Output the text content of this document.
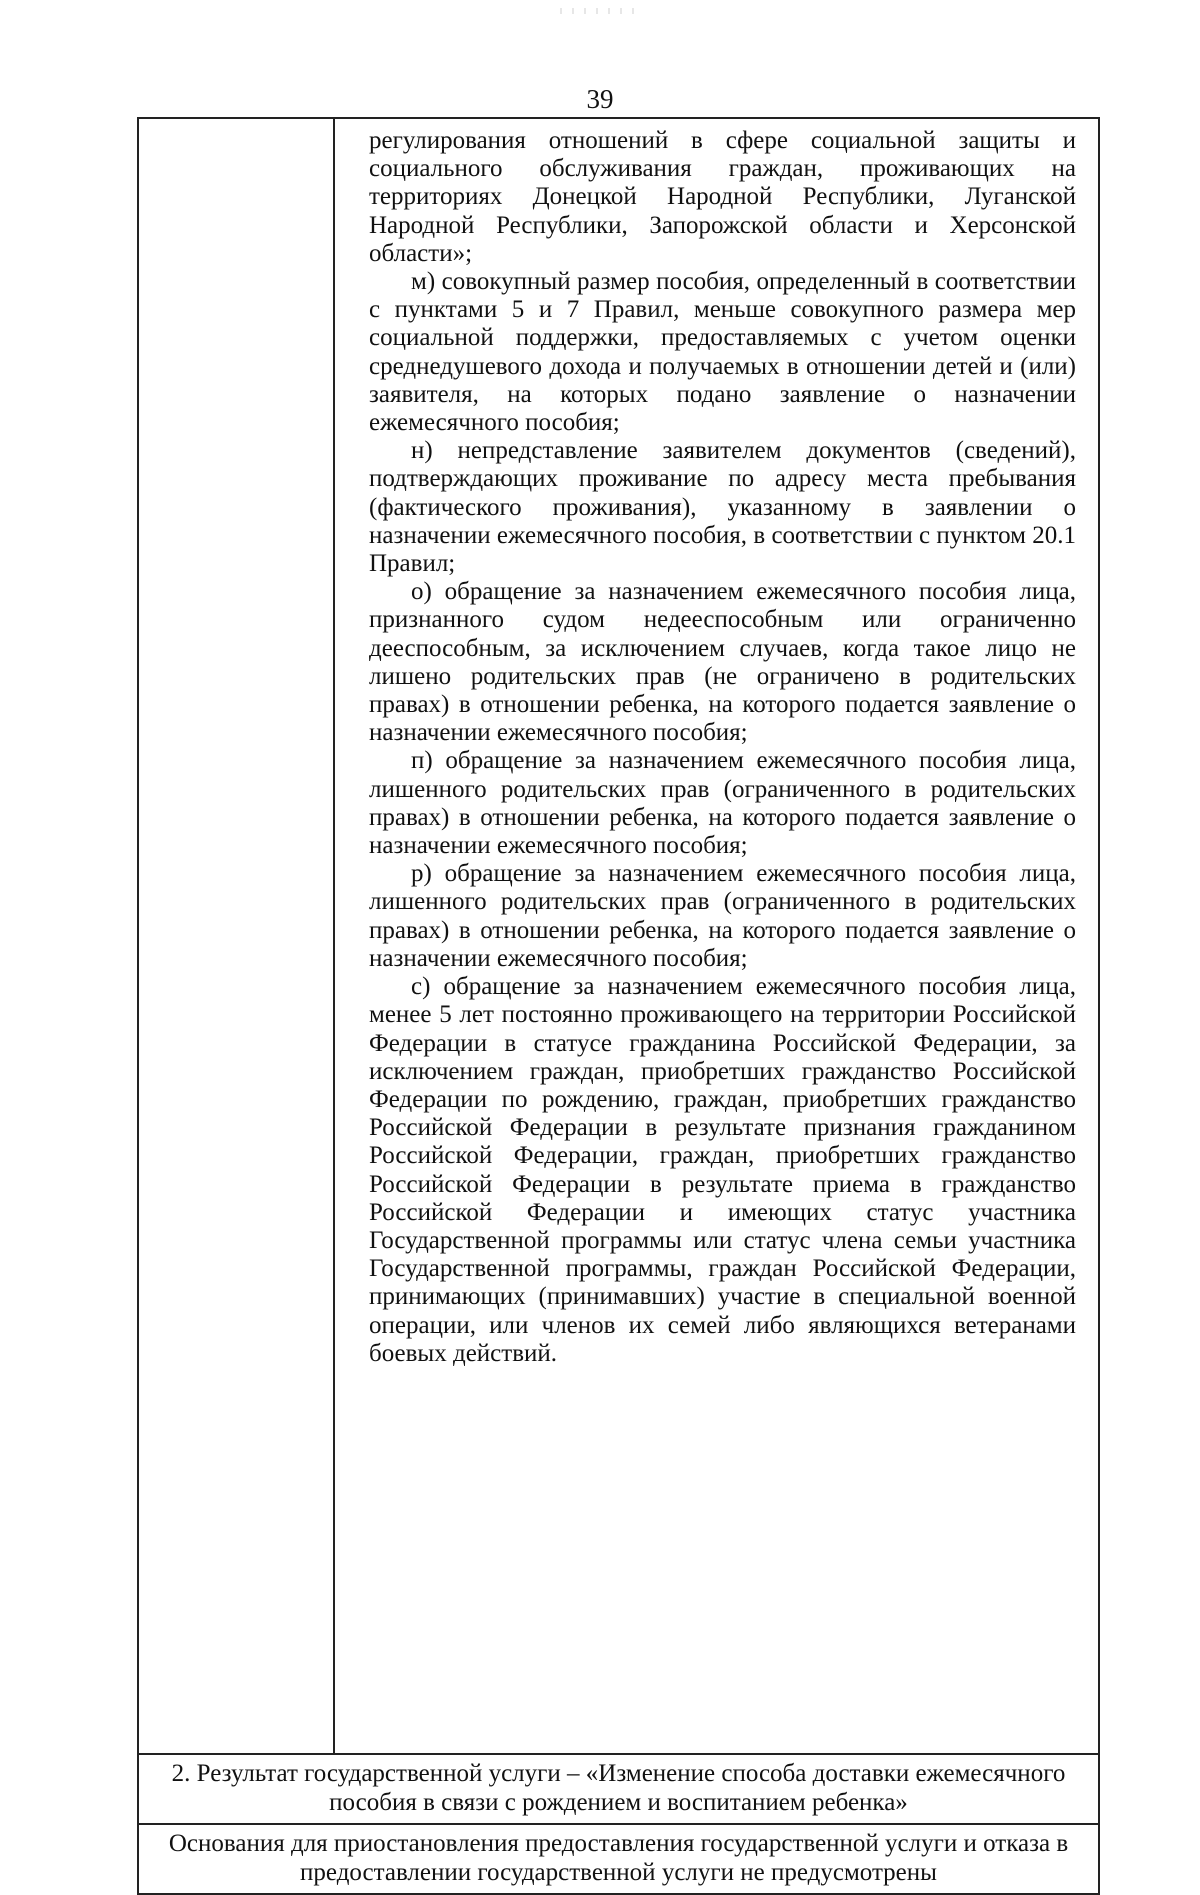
39

регулирования отношений в сфере социальной защиты и социального обслуживания граждан, проживающих на территориях Донецкой Народной Республики, Луганской Народной Республики, Запорожской области и Херсонской области»;

м) совокупный размер пособия, определенный в соответствии с пунктами 5 и 7 Правил, меньше совокупного размера мер социальной поддержки, предоставляемых с учетом оценки среднедушевого дохода и получаемых в отношении детей и (или) заявителя, на которых подано заявление о назначении ежемесячного пособия;

н) непредставление заявителем документов (сведений), подтверждающих проживание по адресу места пребывания (фактического проживания), указанному в заявлении о назначении ежемесячного пособия, в соответствии с пунктом 20.1 Правил;

о) обращение за назначением ежемесячного пособия лица, признанного судом недееспособным или ограниченно дееспособным, за исключением случаев, когда такое лицо не лишено родительских прав (не ограничено в родительских правах) в отношении ребенка, на которого подается заявление о назначении ежемесячного пособия;

п) обращение за назначением ежемесячного пособия лица, лишенного родительских прав (ограниченного в родительских правах) в отношении ребенка, на которого подается заявление о назначении ежемесячного пособия;

р) обращение за назначением ежемесячного пособия лица, лишенного родительских прав (ограниченного в родительских правах) в отношении ребенка, на которого подается заявление о назначении ежемесячного пособия;

с) обращение за назначением ежемесячного пособия лица, менее 5 лет постоянно проживающего на территории Российской Федерации в статусе гражданина Российской Федерации, за исключением граждан, приобретших гражданство Российской Федерации по рождению, граждан, приобретших гражданство Российской Федерации в результате признания гражданином Российской Федерации, граждан, приобретших гражданство Российской Федерации в результате приема в гражданство Российской Федерации и имеющих статус участника Государственной программы или статус члена семьи участника Государственной программы, граждан Российской Федерации, принимающих (принимавших) участие в специальной военной операции, или членов их семей либо являющихся ветеранами боевых действий.

2. Результат государственной услуги – «Изменение способа доставки ежемесячного пособия в связи с рождением и воспитанием ребенка»
Основания для приостановления предоставления государственной услуги и отказа в предоставлении государственной услуги не предусмотрены
